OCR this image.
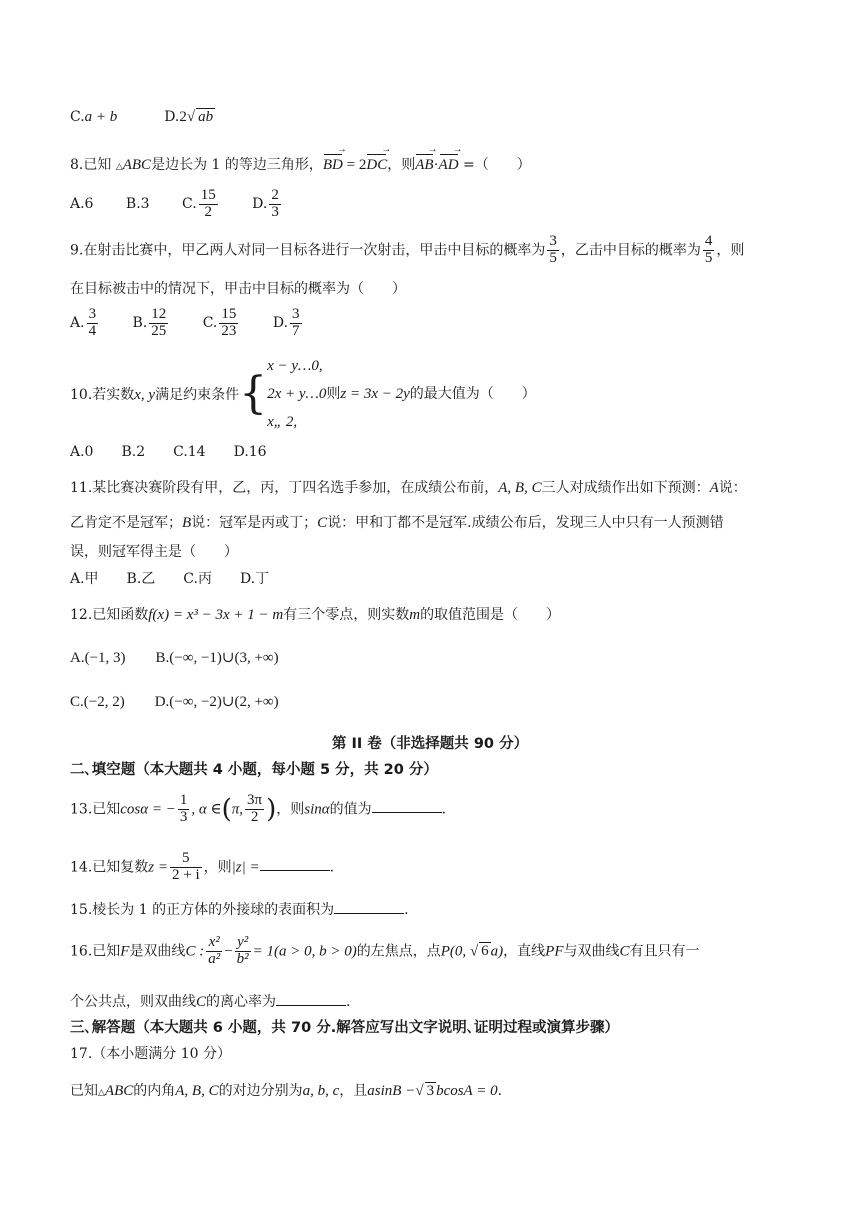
C.a + b	D.2√ ab
8.已知 △ABC是边长为 1 的等边三角形，BD → = 2DC →，则AB →·AD → =（　　）
A.6 B.3 C. $\frac{15}{2} D$. $\frac{2}{3}$
9.在射击比赛中，甲乙两人对同一目标各进行一次射击，甲击中目标的概率为 $\frac{3}{5}$ ，乙击中目标的概率为 $\frac{4}{5}$ ，则
在目标被击中的情况下，甲击中目标的概率为（　　）
A. $\frac{3}{4} B$. $\frac{12}{25} C$. $\frac{15}{23} D$. $\frac{3}{7}$
10.若实数x, y满足约束条件{
x − y…0,
2x + y…0则z = 3x − 2y的最大值为（　　）
x„ 2,
A.0　　B.2　　C.14　　D.16
11.某比赛决赛阶段有甲，乙，丙，丁四名选手参加，在成绩公布前，A, B, C三人对成绩作出如下预测：A说：
乙肯定不是冠军；B说：冠军是丙或丁；C说：甲和丁都不是冠军.成绩公布后，发现三人中只有一人预测错
误，则冠军得主是（　　）
A.甲　　B.乙　　C.丙　　D.丁
12.已知函数f(x) = x³ − 3x + 1 − m有三个零点，则实数m的取值范围是（　　）
A.(−1, 3) B.(−∞, −1)∪(3, +∞)
C.(−2, 2) D.(−∞, −2)∪(2, +∞)
第 II 卷（非选择题共 90 分）
二､填空题（本大题共 4 小题，每小题 5 分，共 20 分）
13.已知cosα = − $\frac{1}{3}$ , α ∈(π, $\frac{3\pi}{2}$ )，则sinα的值为	.
14.已知复数$z = \frac{5}{2 + i}$ ，则|z| =	.
15.棱长为 1 的正方体的外接球的表面积为	.
16.已知F是双曲线C : $\frac{\text{x²}}{\text{a²}} - \frac{\text{y²}}{\text{b²}} = 1(a > 0$, b > 0)的左焦点，点P(0, √ 6 a)，直线PF与双曲线C有且只有一
个公共点，则双曲线C的离心率为	.
三､解答题（本大题共 6 小题，共 70 分.解答应写出文字说明､证明过程或演算步骤）
17.（本小题满分 10 分）
已知△ABC的内角A, B, C的对边分别为a, b, c，且asinB −√ 3 bcosA = 0.
